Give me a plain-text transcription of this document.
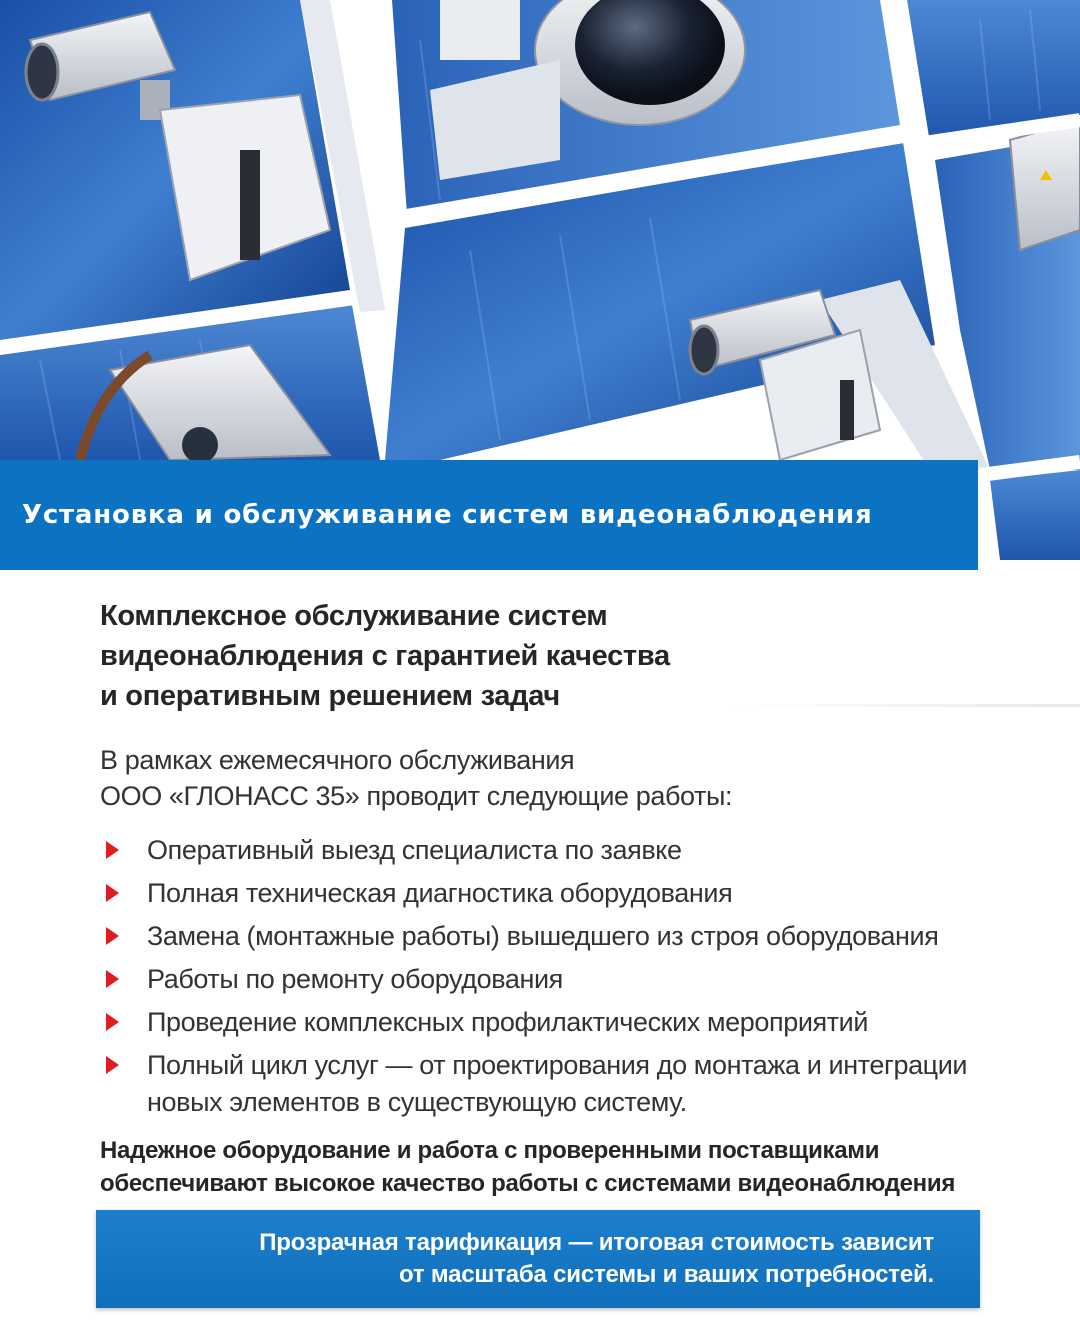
Установка и обслуживание систем видеонаблюдения
Комплексное обслуживание систем
видеонаблюдения с гарантией качества
и оперативным решением задач

В рамках ежемесячного обслуживания
ООО «ГЛОНАСС 35» проводит следующие работы:

Оперативный выезд специалиста по заявке
Полная техническая диагностика оборудования
Замена (монтажные работы) вышедшего из строя оборудования
Работы по ремонту оборудования
Проведение комплексных профилактических мероприятий
Полный цикл услуг — от проектирования до монтажа и интеграции
новых элементов в существующую систему.

Надежное оборудование и работа с проверенными поставщиками
обеспечивают высокое качество работы с системами видеонаблюдения

Прозрачная тарификация — итоговая стоимость зависит
от масштаба системы и ваших потребностей.
